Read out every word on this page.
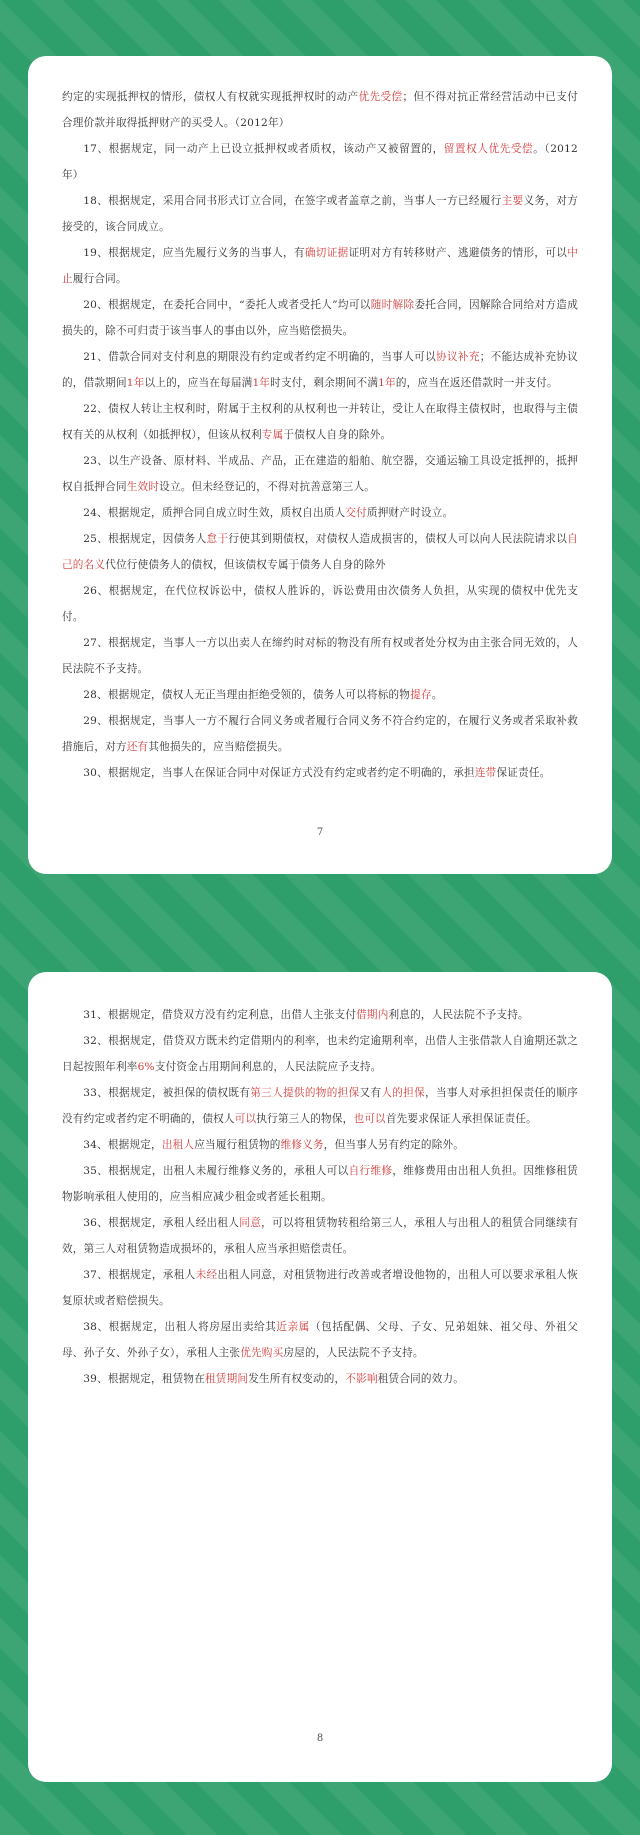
约定的实现抵押权的情形，债权人有权就实现抵押权时的动产优先受偿；但不得对抗正常经营活动中已支付合理价款并取得抵押财产的买受人。（2012年）

17、根据规定，同一动产上已设立抵押权或者质权，该动产又被留置的，留置权人优先受偿。（2012年）

18、根据规定，采用合同书形式订立合同，在签字或者盖章之前，当事人一方已经履行主要义务，对方接受的，该合同成立。

19、根据规定，应当先履行义务的当事人，有确切证据证明对方有转移财产、逃避债务的情形，可以中止履行合同。

20、根据规定，在委托合同中，“委托人或者受托人”均可以随时解除委托合同，因解除合同给对方造成损失的，除不可归责于该当事人的事由以外，应当赔偿损失。

21、借款合同对支付利息的期限没有约定或者约定不明确的，当事人可以协议补充；不能达成补充协议的，借款期间1年以上的，应当在每届满1年时支付，剩余期间不满1年的，应当在返还借款时一并支付。

22、债权人转让主权利时，附属于主权利的从权利也一并转让，受让人在取得主债权时，也取得与主债权有关的从权利（如抵押权），但该从权利专属于债权人自身的除外。

23、以生产设备、原材料、半成品、产品，正在建造的船舶、航空器，交通运输工具设定抵押的，抵押权自抵押合同生效时设立。但未经登记的，不得对抗善意第三人。

24、根据规定，质押合同自成立时生效，质权自出质人交付质押财产时设立。

25、根据规定，因债务人怠于行使其到期债权，对债权人造成损害的，债权人可以向人民法院请求以自己的名义代位行使债务人的债权，但该债权专属于债务人自身的除外

26、根据规定，在代位权诉讼中，债权人胜诉的，诉讼费用由次债务人负担，从实现的债权中优先支付。

27、根据规定，当事人一方以出卖人在缔约时对标的物没有所有权或者处分权为由主张合同无效的，人民法院不予支持。

28、根据规定，债权人无正当理由拒绝受领的，债务人可以将标的物提存。

29、根据规定，当事人一方不履行合同义务或者履行合同义务不符合约定的，在履行义务或者采取补救措施后，对方还有其他损失的，应当赔偿损失。

30、根据规定，当事人在保证合同中对保证方式没有约定或者约定不明确的，承担连带保证责任。

7

31、根据规定，借贷双方没有约定利息，出借人主张支付借期内利息的，人民法院不予支持。

32、根据规定，借贷双方既未约定借期内的利率，也未约定逾期利率，出借人主张借款人自逾期还款之日起按照年利率6%支付资金占用期间利息的，人民法院应予支持。

33、根据规定，被担保的债权既有第三人提供的物的担保又有人的担保，当事人对承担担保责任的顺序没有约定或者约定不明确的，债权人可以执行第三人的物保，也可以首先要求保证人承担保证责任。

34、根据规定，出租人应当履行租赁物的维修义务，但当事人另有约定的除外。

35、根据规定，出租人未履行维修义务的，承租人可以自行维修，维修费用由出租人负担。因维修租赁物影响承租人使用的，应当相应减少租金或者延长租期。

36、根据规定，承租人经出租人同意，可以将租赁物转租给第三人，承租人与出租人的租赁合同继续有效，第三人对租赁物造成损坏的，承租人应当承担赔偿责任。

37、根据规定，承租人未经出租人同意，对租赁物进行改善或者增设他物的，出租人可以要求承租人恢复原状或者赔偿损失。

38、根据规定，出租人将房屋出卖给其近亲属（包括配偶、父母、子女、兄弟姐妹、祖父母、外祖父母、孙子女、外孙子女），承租人主张优先购买房屋的，人民法院不予支持。

39、根据规定，租赁物在租赁期间发生所有权变动的，不影响租赁合同的效力。

8
